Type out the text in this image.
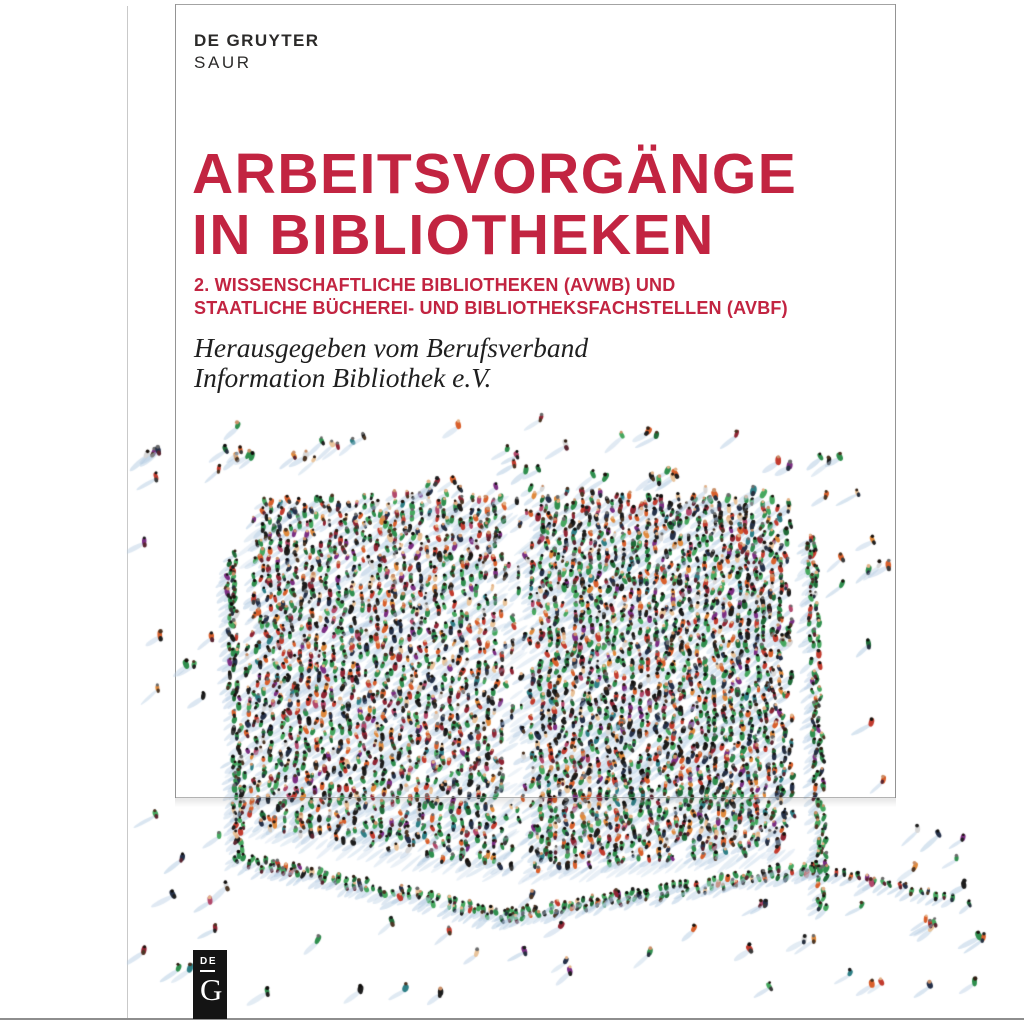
DE GRUYTER
SAUR
ARBEITSVORGÄNGE
IN BIBLIOTHEKEN
2. WISSENSCHAFTLICHE BIBLIOTHEKEN (AVWB) UND
STAATLICHE BÜCHEREI- UND BIBLIOTHEKSFACHSTELLEN (AVBF)
Herausgegeben vom Berufsverband
Information Bibliothek e.V.
DE
G
